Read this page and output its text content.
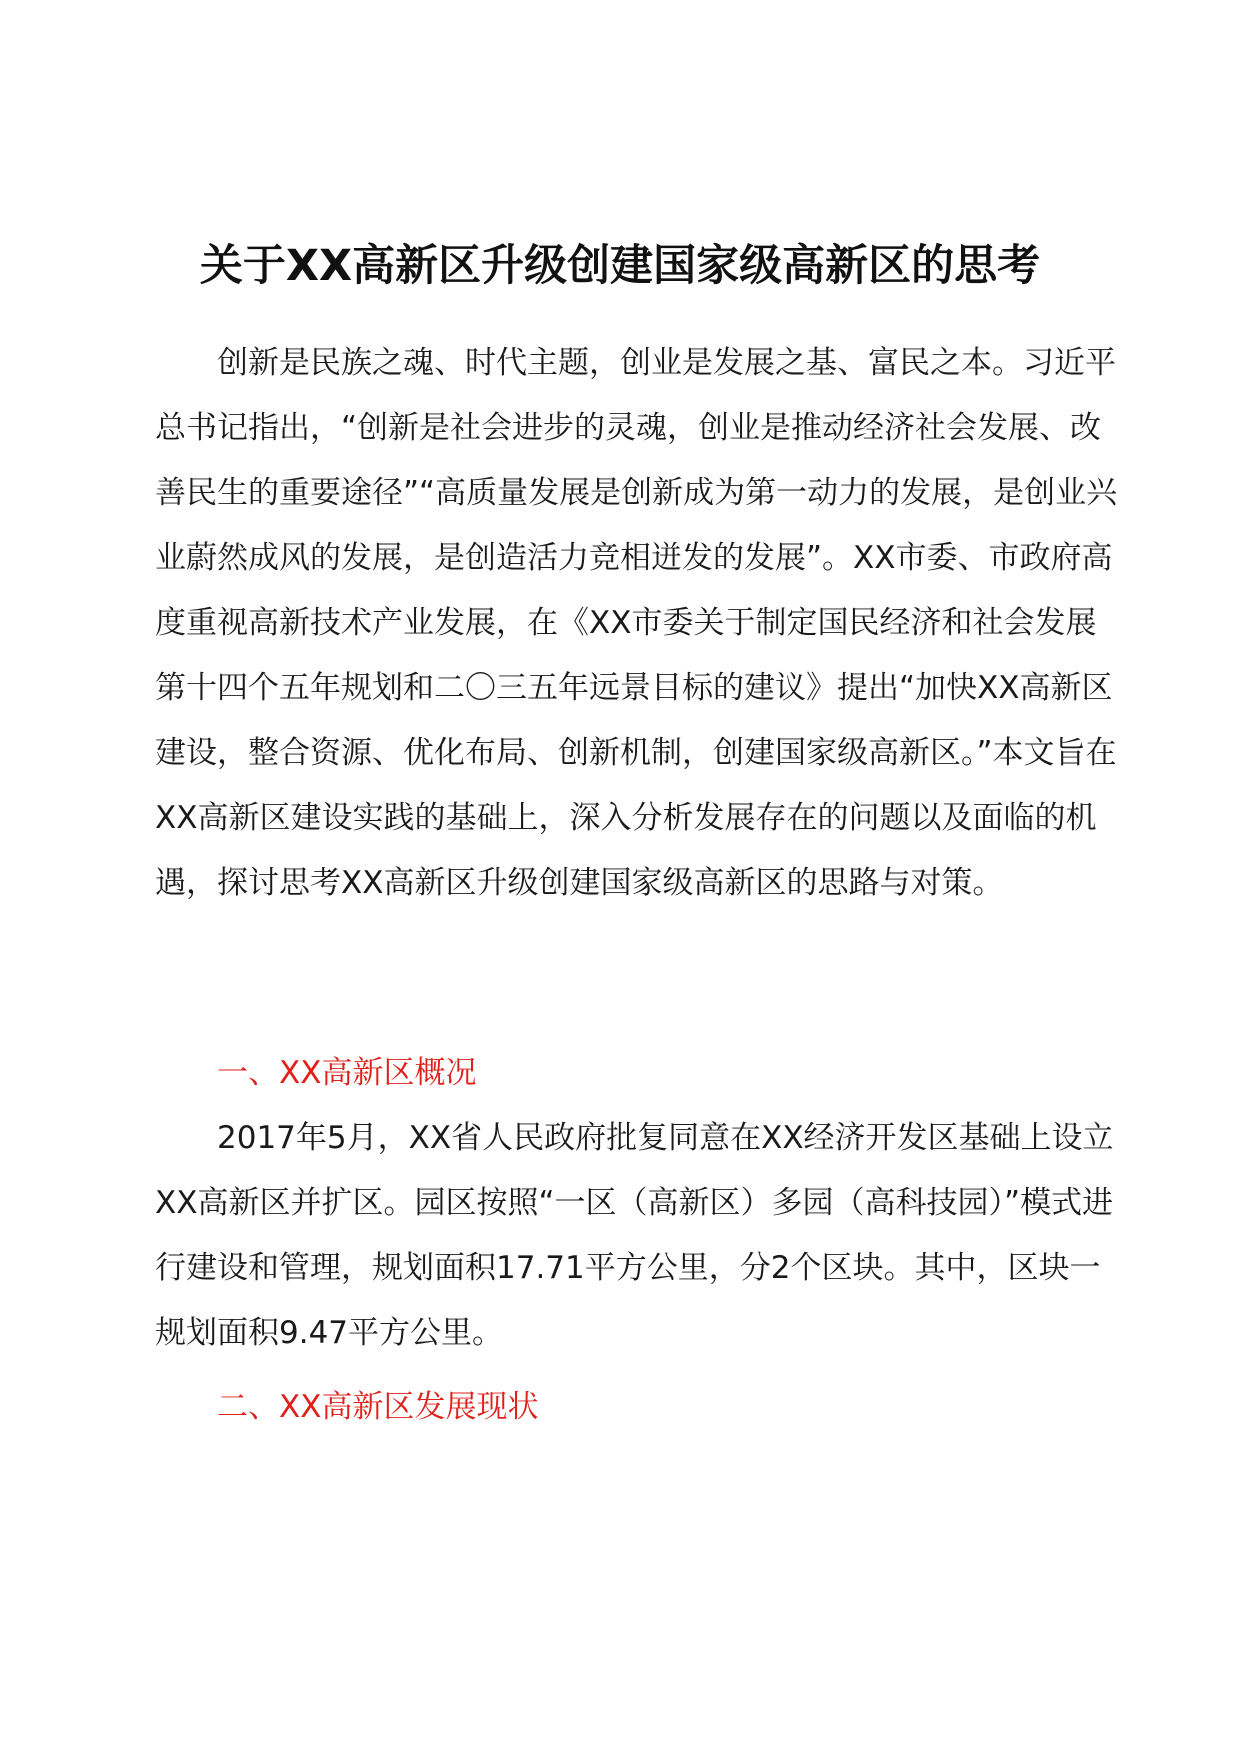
关于XX高新区升级创建国家级高新区的思考

创新是民族之魂、时代主题，创业是发展之基、富民之本。习近平总书记指出，“创新是社会进步的灵魂，创业是推动经济社会发展、改善民生的重要途径”“高质量发展是创新成为第一动力的发展，是创业兴业蔚然成风的发展，是创造活力竞相迸发的发展”。XX市委、市政府高度重视高新技术产业发展，在《XX市委关于制定国民经济和社会发展第十四个五年规划和二〇三五年远景目标的建议》提出“加快XX高新区建设，整合资源、优化布局、创新机制，创建国家级高新区。”本文旨在XX高新区建设实践的基础上，深入分析发展存在的问题以及面临的机遇，探讨思考XX高新区升级创建国家级高新区的思路与对策。

一、XX高新区概况

2017年5月，XX省人民政府批复同意在XX经济开发区基础上设立XX高新区并扩区。园区按照“一区（高新区）多园（高科技园）”模式进行建设和管理，规划面积17.71平方公里，分2个区块。其中，区块一规划面积9.47平方公里。

二、XX高新区发展现状
